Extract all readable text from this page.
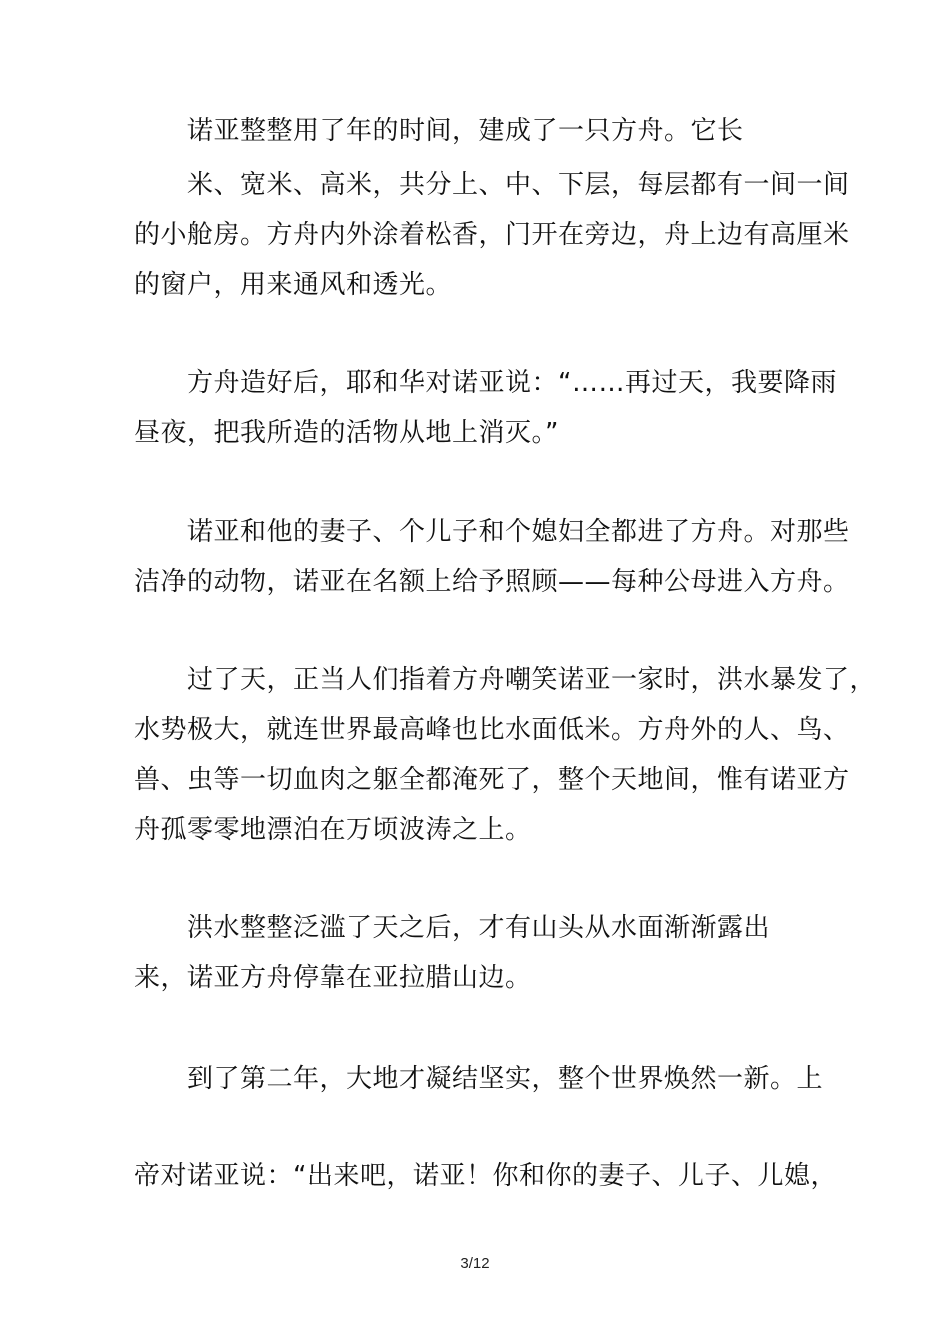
诺亚整整用了年的时间，建成了一只方舟。它长
米、宽米、高米，共分上、中、下层，每层都有一间一间
的小舱房。方舟内外涂着松香，门开在旁边，舟上边有高厘米
的窗户，用来通风和透光。
方舟造好后，耶和华对诺亚说：“……再过天，我要降雨
昼夜，把我所造的活物从地上消灭。”
诺亚和他的妻子、个儿子和个媳妇全都进了方舟。对那些
洁净的动物，诺亚在名额上给予照顾——每种公母进入方舟。
过了天，正当人们指着方舟嘲笑诺亚一家时，洪水暴发了，
水势极大，就连世界最高峰也比水面低米。方舟外的人、鸟、
兽、虫等一切血肉之躯全都淹死了，整个天地间，惟有诺亚方
舟孤零零地漂泊在万顷波涛之上。
洪水整整泛滥了天之后，才有山头从水面渐渐露出
来，诺亚方舟停靠在亚拉腊山边。
到了第二年，大地才凝结坚实，整个世界焕然一新。上
帝对诺亚说：“出来吧，诺亚！你和你的妻子、儿子、儿媳，
3/12
